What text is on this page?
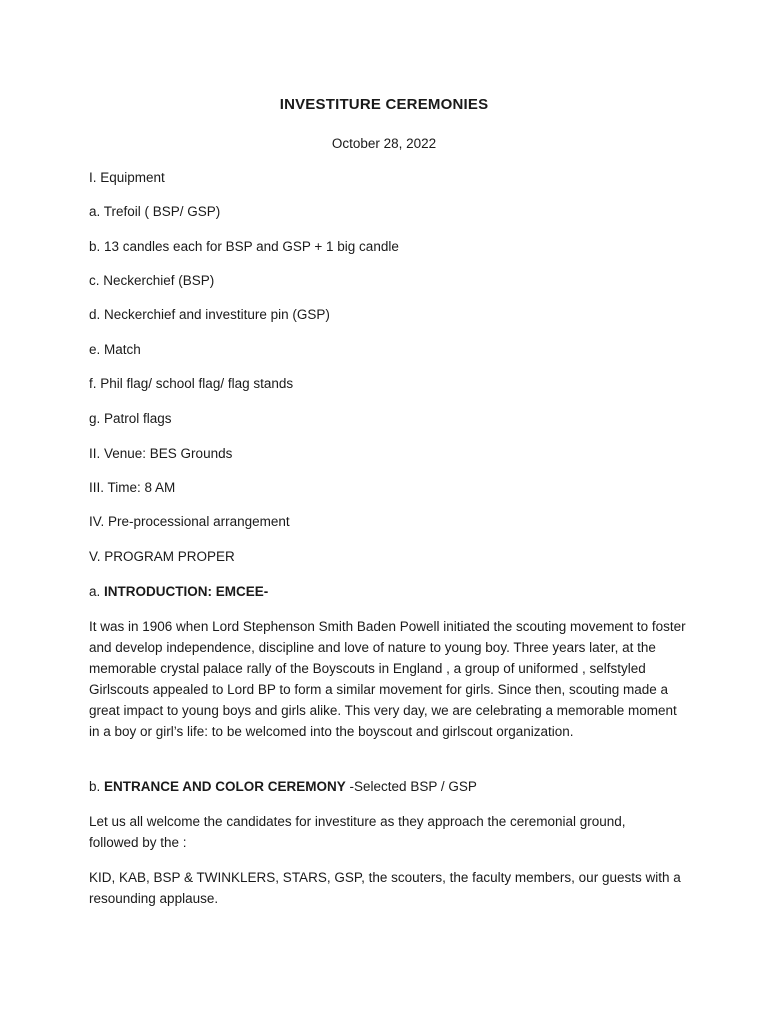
INVESTITURE CEREMONIES
October 28, 2022
I. Equipment
a. Trefoil ( BSP/ GSP)
b. 13 candles each for BSP and GSP + 1 big candle
c. Neckerchief (BSP)
d. Neckerchief and investiture pin (GSP)
e. Match
f. Phil flag/ school flag/ flag stands
g. Patrol flags
II. Venue: BES Grounds
III. Time: 8 AM
IV. Pre-processional arrangement
V. PROGRAM PROPER
a. INTRODUCTION: EMCEE-
It was in 1906 when Lord Stephenson Smith Baden Powell initiated the scouting movement to foster and develop independence, discipline and love of nature to young boy. Three years later, at the memorable crystal palace rally of the Boyscouts in England , a group of uniformed , selfstyled Girlscouts appealed to Lord BP to form a similar movement for girls. Since then, scouting made a great impact to young boys and girls alike. This very day, we are celebrating a memorable moment in a boy or girl’s life: to be welcomed into the boyscout and girlscout organization.
b. ENTRANCE AND COLOR CEREMONY -Selected BSP / GSP
Let us all welcome the candidates for investiture as they approach the ceremonial ground, followed by the :
KID, KAB, BSP & TWINKLERS, STARS, GSP, the scouters, the faculty members, our guests with a resounding applause.
